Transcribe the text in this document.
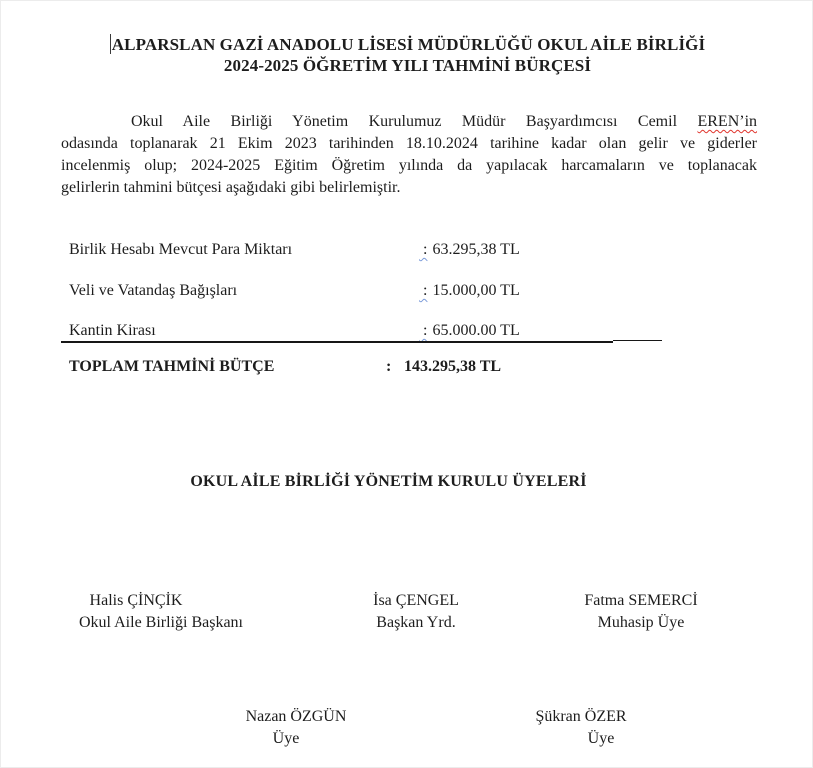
ALPARSLAN GAZİ ANADOLU LİSESİ MÜDÜRLÜĞÜ OKUL AİLE BİRLİĞİ
2024-2025 ÖĞRETİM YILI TAHMİNİ BÜRÇESİ
Okul Aile Birliği Yönetim Kurulumuz Müdür Başyardımcısı Cemil EREN’in
odasında toplanarak 21 Ekim 2023 tarihinden 18.10.2024 tarihine kadar olan gelir ve giderler
incelenmiş olup; 2024-2025 Eğitim Öğretim yılında da yapılacak harcamaların ve toplanacak
gelirlerin tahmini bütçesi aşağıdaki gibi belirlemiştir.
Birlik Hesabı Mevcut Para Miktarı	: 63.295,38 TL
Veli ve Vatandaş Bağışları	: 15.000,00 TL
Kantin Kirası	: 65.000.00 TL
TOPLAM TAHMİNİ BÜTÇE	: 143.295,38 TL
OKUL AİLE BİRLİĞİ YÖNETİM KURULU ÜYELERİ
Halis ÇİNÇİK
Okul Aile Birliği Başkanı
İsa ÇENGEL
Başkan Yrd.
Fatma SEMERCİ
Muhasip Üye
Nazan ÖZGÜN
Üye
Şükran ÖZER
Üye
